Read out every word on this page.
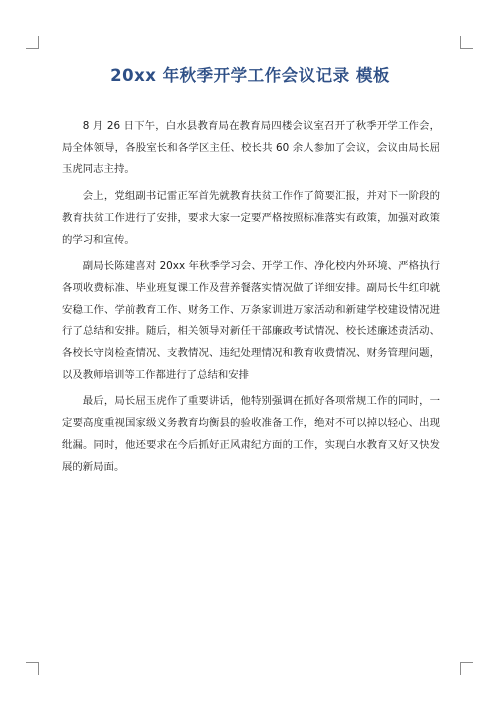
20xx 年秋季开学工作会议记录 模板

8 月 26 日下午，白水县教育局在教育局四楼会议室召开了秋季开学工作会，局全体领导，各股室长和各学区主任、校长共 60 余人参加了会议，会议由局长屈玉虎同志主持。

会上，党组副书记雷正军首先就教育扶贫工作作了简要汇报，并对下一阶段的教育扶贫工作进行了安排，要求大家一定要严格按照标准落实有政策，加强对政策的学习和宣传。

副局长陈建喜对 20xx 年秋季学习会、开学工作、净化校内外环境、严格执行各项收费标准、毕业班复课工作及营养餐落实情况做了详细安排。副局长牛红印就安稳工作、学前教育工作、财务工作、万条家训进万家活动和新建学校建设情况进行了总结和安排。随后，相关领导对新任干部廉政考试情况、校长述廉述责活动、各校长守岗检查情况、支教情况、违纪处理情况和教育收费情况、财务管理问题，以及教师培训等工作都进行了总结和安排

最后，局长屈玉虎作了重要讲话，他特别强调在抓好各项常规工作的同时，一定要高度重视国家级义务教育均衡县的验收准备工作，绝对不可以掉以轻心、出现纰漏。同时，他还要求在今后抓好正风肃纪方面的工作，实现白水教育又好又快发展的新局面。
